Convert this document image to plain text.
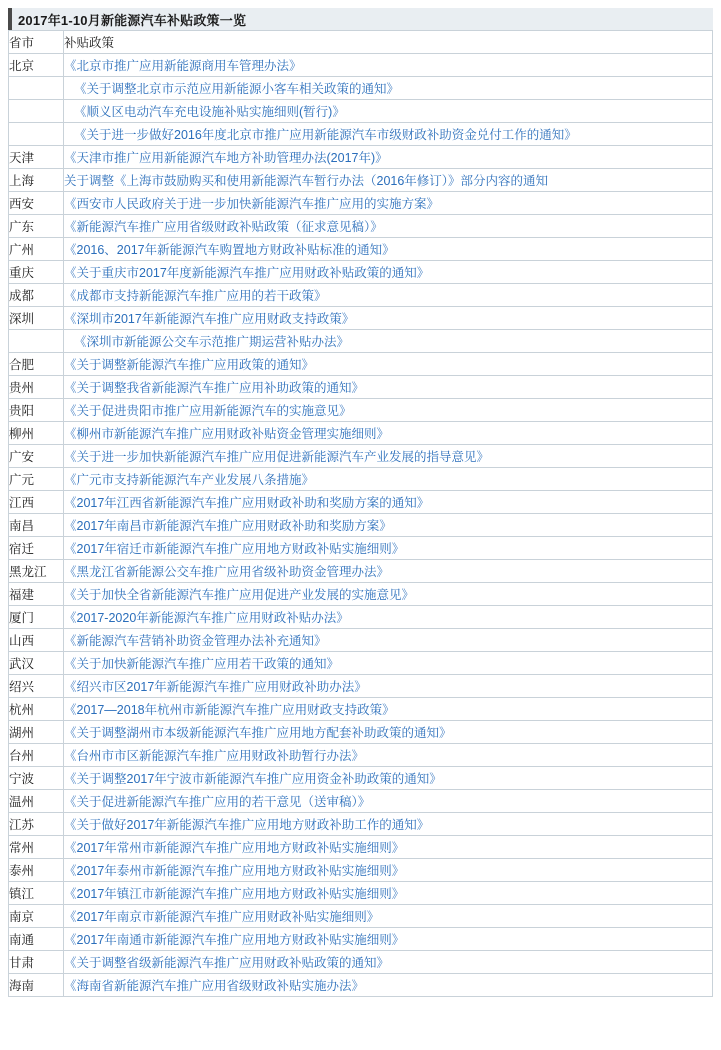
2017年1-10月新能源汽车补贴政策一览
省市	补贴政策
北京	《北京市推广应用新能源商用车管理办法》
	《关于调整北京市示范应用新能源小客车相关政策的通知》
	《顺义区电动汽车充电设施补贴实施细则(暂行)》
	《关于进一步做好2016年度北京市推广应用新能源汽车市级财政补助资金兑付工作的通知》
天津	《天津市推广应用新能源汽车地方补助管理办法(2017年)》
上海	关于调整《上海市鼓励购买和使用新能源汽车暂行办法（2016年修订）》部分内容的通知
西安	《西安市人民政府关于进一步加快新能源汽车推广应用的实施方案》
广东	《新能源汽车推广应用省级财政补贴政策（征求意见稿）》
广州	《2016、2017年新能源汽车购置地方财政补贴标准的通知》
重庆	《关于重庆市2017年度新能源汽车推广应用财政补贴政策的通知》
成都	《成都市支持新能源汽车推广应用的若干政策》
深圳	《深圳市2017年新能源汽车推广应用财政支持政策》
	《深圳市新能源公交车示范推广期运营补贴办法》
合肥	《关于调整新能源汽车推广应用政策的通知》
贵州	《关于调整我省新能源汽车推广应用补助政策的通知》
贵阳	《关于促进贵阳市推广应用新能源汽车的实施意见》
柳州	《柳州市新能源汽车推广应用财政补贴资金管理实施细则》
广安	《关于进一步加快新能源汽车推广应用促进新能源汽车产业发展的指导意见》
广元	《广元市支持新能源汽车产业发展八条措施》
江西	《2017年江西省新能源汽车推广应用财政补助和奖励方案的通知》
南昌	《2017年南昌市新能源汽车推广应用财政补助和奖励方案》
宿迁	《2017年宿迁市新能源汽车推广应用地方财政补贴实施细则》
黑龙江	《黑龙江省新能源公交车推广应用省级补助资金管理办法》
福建	《关于加快全省新能源汽车推广应用促进产业发展的实施意见》
厦门	《2017-2020年新能源汽车推广应用财政补贴办法》
山西	《新能源汽车营销补助资金管理办法补充通知》
武汉	《关于加快新能源汽车推广应用若干政策的通知》
绍兴	《绍兴市区2017年新能源汽车推广应用财政补助办法》
杭州	《2017—2018年杭州市新能源汽车推广应用财政支持政策》
湖州	《关于调整湖州市本级新能源汽车推广应用地方配套补助政策的通知》
台州	《台州市市区新能源汽车推广应用财政补助暂行办法》
宁波	《关于调整2017年宁波市新能源汽车推广应用资金补助政策的通知》
温州	《关于促进新能源汽车推广应用的若干意见（送审稿）》
江苏	《关于做好2017年新能源汽车推广应用地方财政补助工作的通知》
常州	《2017年常州市新能源汽车推广应用地方财政补贴实施细则》
泰州	《2017年泰州市新能源汽车推广应用地方财政补贴实施细则》
镇江	《2017年镇江市新能源汽车推广应用地方财政补贴实施细则》
南京	《2017年南京市新能源汽车推广应用财政补贴实施细则》
南通	《2017年南通市新能源汽车推广应用地方财政补贴实施细则》
甘肃	《关于调整省级新能源汽车推广应用财政补贴政策的通知》
海南	《海南省新能源汽车推广应用省级财政补贴实施办法》
